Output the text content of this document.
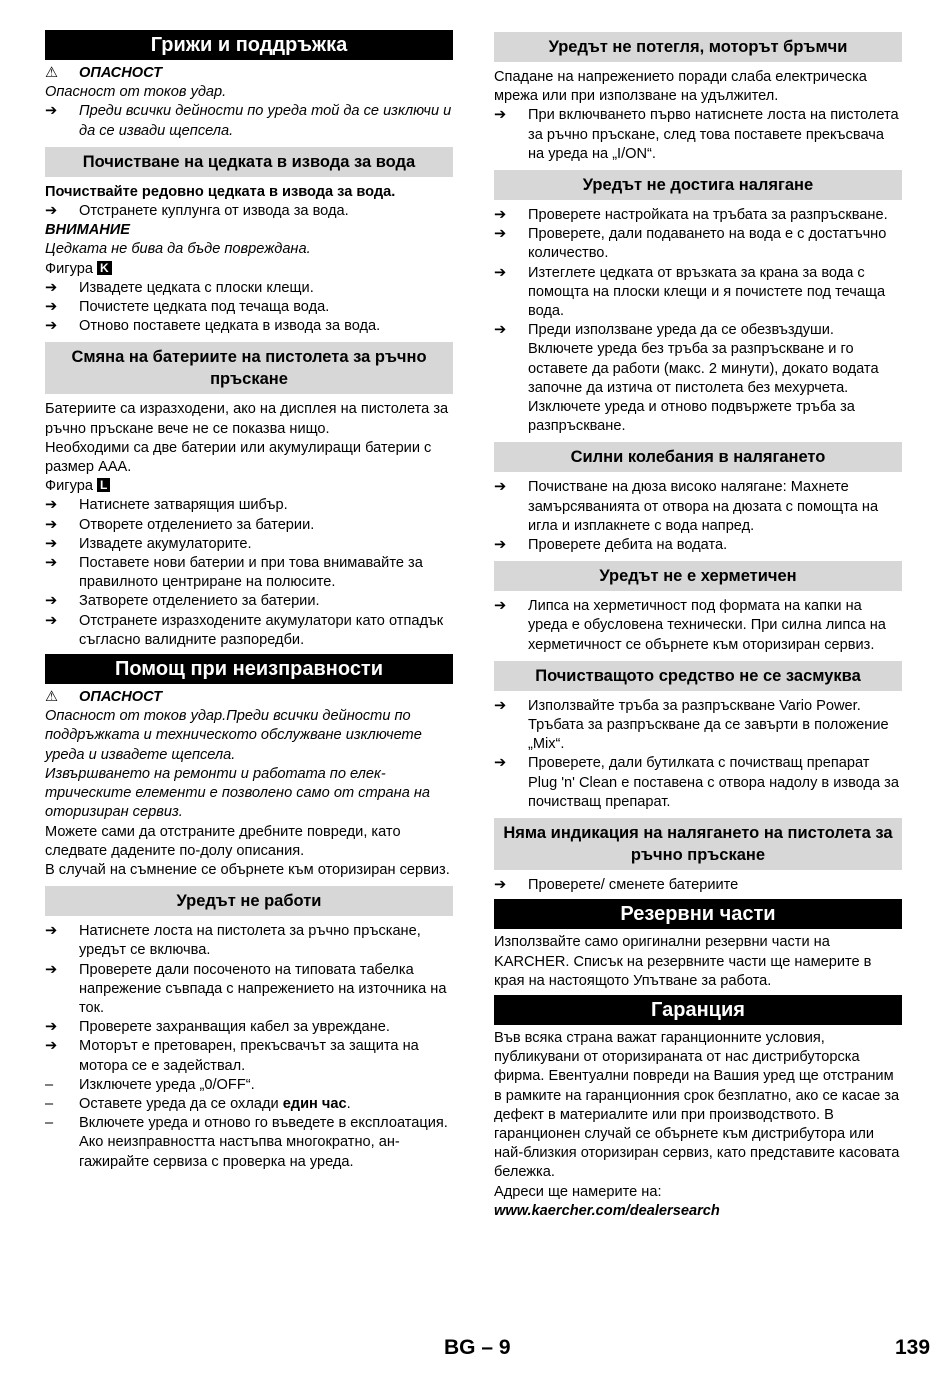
Грижи и поддръжка
⚠	ОПАСНОСТ

Опасност от токов удар.

➔	Преди всички дейности по уреда той да се изключи и да се извади щепсела.
Почистване на цедката в извода за вода

Почиствайте редовно цедката в извода за вода.

➔	Отстранете куплунга от извода за вода.

ВНИМАНИЕ

Цедката не бива да бъде повреждана.

Фигура K

➔	Извадете цедката с плоски клещи.
➔	Почистете цедката под течаща вода.
➔	Отново поставете цедката в извода за вода.
Смяна на батериите на пистолета за ръчно пръскане

Батериите са изразходени, ако на дисплея на пистолета за ръчно пръскане вече не се показва нищо.

Необходими са две батерии или акумулиращи батерии с размер AAA.

Фигура L

➔	Натиснете затварящия шибър.
➔	Отворете отделението за батерии.
➔	Извадете акумулаторите.
➔	Поставете нови батерии и при това внимавайте за правилното центриране на полюсите.
➔	Затворете отделението за батерии.
➔	Отстранете изразходените акумулатори като отпадък съгласно валидните разпоредби.
Помощ при неизправности
⚠	ОПАСНОСТ

Опасност от токов удар.Преди всички дейности по поддръжката и техническото обслужване изключете уреда и извадете щепсела.

Извършването на ремонти и работата по електрическите елементи е позволено само от страна на оторизиран сервиз.

Можете сами да отстраните дребните повреди, като следвате дадените по-долу описания.

В случай на съмнение се обърнете към оторизиран сервиз.

Уредът не работи
➔	Натиснете лоста на пистолета за ръчно пръскане, уредът се включва.
➔	Проверете дали посоченото на типовата табелка напрежение съвпада с напрежението на източника на ток.
➔	Проверете захранващия кабел за увреждане.
➔	Моторът е претоварен, прекъсвачът за защита на мотора се е задействал.
–	Изключете уреда „0/OFF“.
–	Оставете уреда да се охлади един час.
–	Включете уреда и отново го въведете в експлоатация.

Ако неизправността настъпва многократно, ангажирайте сервиза с проверка на уреда.

Уредът не потегля, моторът бръмчи

Спадане на напрежението поради слаба електрическа мрежа или при използване на удължител.

➔	При включването първо натиснете лоста на пистолета за ръчно пръскане, след това поставете прекъсвача на уреда на „I/ON“.
Уредът не достига налягане
➔	Проверете настройката на тръбата за разпръскване.
➔	Проверете, дали подаването на вода е с достатъчно количество.
➔	Изтеглете цедката от връзката за крана за вода с помощта на плоски клещи и я почистете под течаща вода.
➔	Преди използване уреда да се обезвъздуши. Включете уреда без тръба за разпръскване и го оставете да работи (макс. 2 минути), докато водата започне да изтича от пистолета без мехурчета. Изключете уреда и отново подвържете тръба за разпръскване.
Силни колебания в налягането
➔	Почистване на дюза високо налягане: Махнете замърсяванията от отвора на дюзата с помощта на игла и изплакнете с вода напред.
➔	Проверете дебита на водата.
Уредът не е херметичен
➔	Липса на херметичност под формата на капки на уреда е обусловена технически. При силна липса на херметичност се обърнете към оторизиран сервиз.
Почистващото средство не се засмуква
➔	Използвайте тръба за разпръскване Vario Power.

Тръбата за разпръскване да се завърти в положение „Mix“.

➔	Проверете, дали бутилката с почистващ препарат Plug 'n' Clean е поставена с отвора надолу в извода за почистващ препарат.
Няма индикация на налягането на пистолета за ръчно пръскане
➔	Проверете/ сменете батериите
Резервни части

Използвайте само оригинални резервни части на KARCHER. Списък на резервните части ще намерите в края на настоящото Упътване за работа.

Гаранция

Във всяка страна важат гаранционните условия, публикувани от оторизираната от нас дистрибуторска фирма. Евентуални повреди на Вашия уред ще отстраним в рамките на гаранционния срок безплатно, ако се касае за дефект в материалите или при производството. В гаранционен случай се обърнете към дистрибутора или най-близкия оторизиран сервиз, като представите касовата бележка.

Адреси ще намерите на:

www.kaercher.com/dealersearch

BG – 9	139
